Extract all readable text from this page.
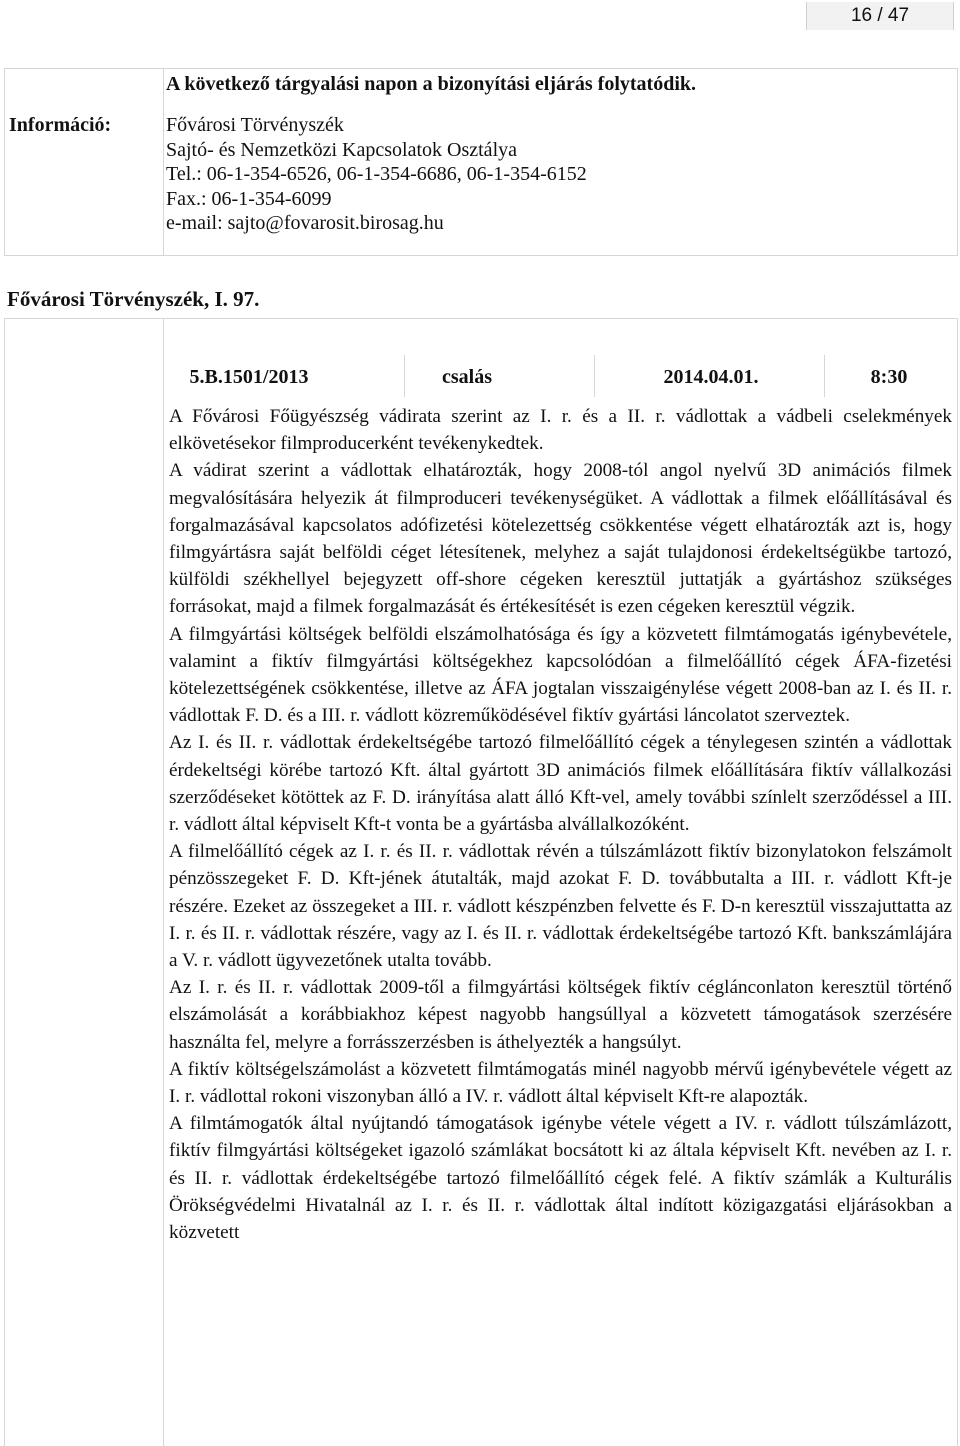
16 / 47
A következő tárgyalási napon a bizonyítási eljárás folytatódik.
Információ:	Fővárosi Törvényszék
Sajtó- és Nemzetközi Kapcsolatok Osztálya
Tel.: 06-1-354-6526, 06-1-354-6686, 06-1-354-6152
Fax.: 06-1-354-6099
e-mail: sajto@fovarosit.birosag.hu
Fővárosi Törvényszék, I. 97.
5.B.1501/2013	csalás	2014.04.01.	8:30

A Fővárosi Főügyészség vádirata szerint az I. r. és a II. r. vádlottak a vádbeli cselekmények elkövetésekor filmproducerként tevékenykedtek.

A vádirat szerint a vádlottak elhatározták, hogy 2008-tól angol nyelvű 3D animációs filmek megvalósítására helyezik át filmproduceri tevékenységüket. A vádlottak a filmek előállításával és forgalmazásával kapcsolatos adófizetési kötelezettség csökkentése végett elhatározták azt is, hogy filmgyártásra saját belföldi céget létesítenek, melyhez a saját tulajdonosi érdekeltségükbe tartozó, külföldi székhellyel bejegyzett off-shore cégeken keresztül juttatják a gyártáshoz szükséges forrásokat, majd a filmek forgalmazását és értékesítését is ezen cégeken keresztül végzik.

A filmgyártási költségek belföldi elszámolhatósága és így a közvetett filmtámogatás igénybevétele, valamint a fiktív filmgyártási költségekhez kapcsolódóan a filmelőállító cégek ÁFA-fizetési kötelezettségének csökkentése, illetve az ÁFA jogtalan visszaigénylése végett 2008-ban az I. és II. r. vádlottak F. D. és a III. r. vádlott közreműködésével fiktív gyártási láncolatot szerveztek.

Az I. és II. r. vádlottak érdekeltségébe tartozó filmelőállító cégek a ténylegesen szintén a vádlottak érdekeltségi körébe tartozó Kft. által gyártott 3D animációs filmek előállítására fiktív vállalkozási szerződéseket kötöttek az F. D. irányítása alatt álló Kft-vel, amely további színlelt szerződéssel a III. r. vádlott által képviselt Kft-t vonta be a gyártásba alvállalkozóként.

A filmelőállító cégek az I. r. és II. r. vádlottak révén a túlszámlázott fiktív bizonylatokon felszámolt pénzösszegeket F. D. Kft-jének átutalták, majd azokat F. D. továbbutalta a III. r. vádlott Kft-je részére. Ezeket az összegeket a III. r. vádlott készpénzben felvette és F. D-n keresztül visszajuttatta az I. r. és II. r. vádlottak részére, vagy az I. és II. r. vádlottak érdekeltségébe tartozó Kft. bankszámlájára a V. r. vádlott ügyvezetőnek utalta tovább.

Az I. r. és II. r. vádlottak 2009-től a filmgyártási költségek fiktív céglánconlaton keresztül történő elszámolását a korábbiakhoz képest nagyobb hangsúllyal a közvetett támogatások szerzésére használta fel, melyre a forrásszerzésben is áthelyezték a hangsúlyt.

A fiktív költségelszámolást a közvetett filmtámogatás minél nagyobb mérvű igénybevétele végett az I. r. vádlottal rokoni viszonyban álló a IV. r. vádlott által képviselt Kft-re alapozták.

A filmtámogatók által nyújtandó támogatások igénybe vétele végett a IV. r. vádlott túlszámlázott, fiktív filmgyártási költségeket igazoló számlákat bocsátott ki az általa képviselt Kft. nevében az I. r. és II. r. vádlottak érdekeltségébe tartozó filmelőállító cégek felé. A fiktív számlák a Kulturális Örökségvédelmi Hivatalnál az I. r. és II. r. vádlottak által indított közigazgatási eljárásokban a közvetett
